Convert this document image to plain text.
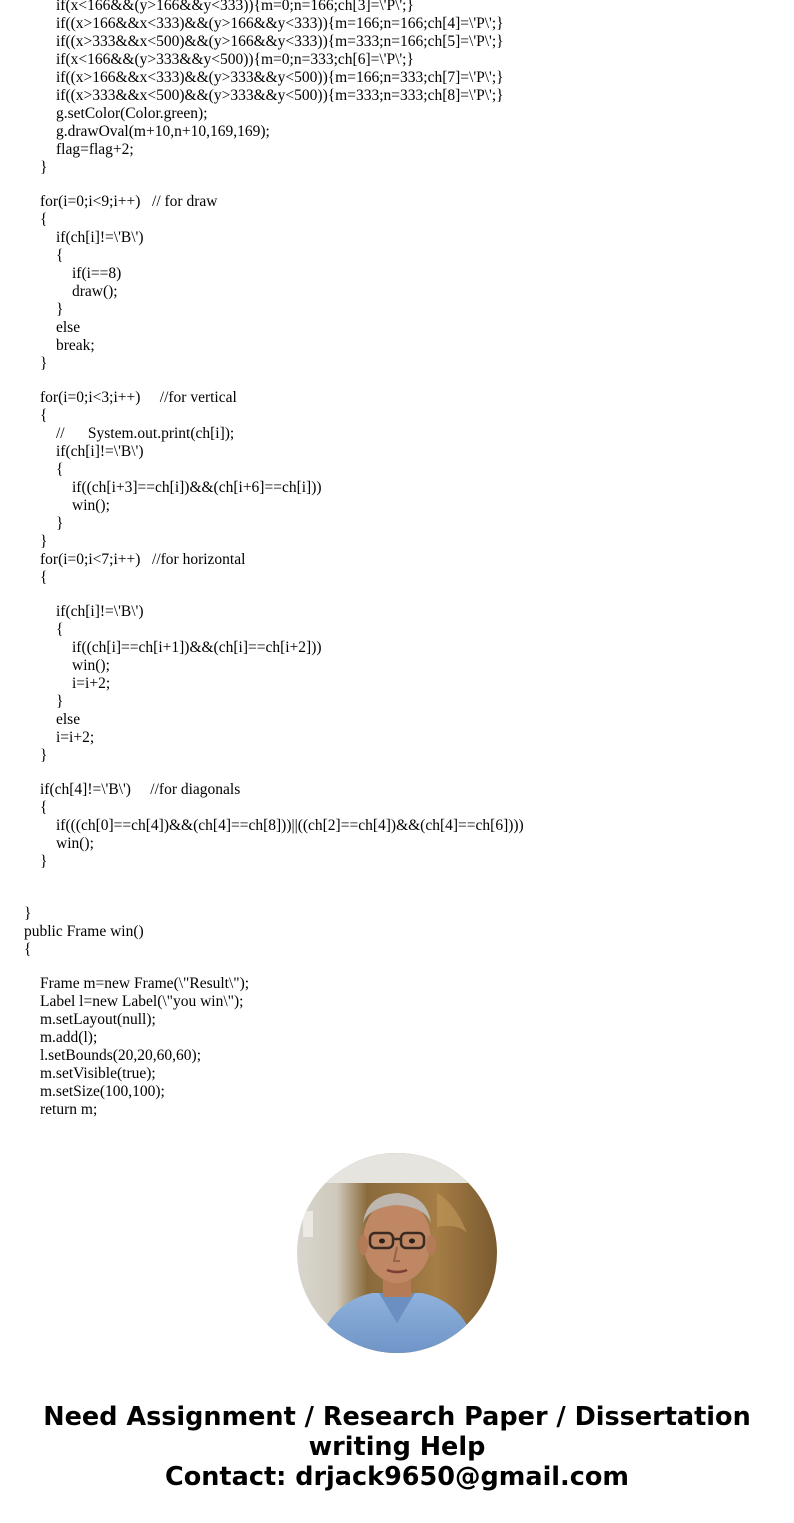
if(x<166&&(y>166&&y<333)){m=0;n=166;ch[3]=\'P\';}
if((x>166&&x<333)&&(y>166&&y<333)){m=166;n=166;ch[4]=\'P\';}
if((x>333&&x<500)&&(y>166&&y<333)){m=333;n=166;ch[5]=\'P\';}
if(x<166&&(y>333&&y<500)){m=0;n=333;ch[6]=\'P\';}
if((x>166&&x<333)&&(y>333&&y<500)){m=166;n=333;ch[7]=\'P\';}
if((x>333&&x<500)&&(y>333&&y<500)){m=333;n=333;ch[8]=\'P\';}
g.setColor(Color.green);
g.drawOval(m+10,n+10,169,169);
flag=flag+2;
}
for(i=0;i<9;i++)   // for draw
{
if(ch[i]!=\'B\')
{
if(i==8)
draw();
}
else
break;
}
for(i=0;i<3;i++)     //for vertical
{
//      System.out.print(ch[i]);
if(ch[i]!=\'B\')
{
if((ch[i+3]==ch[i])&&(ch[i+6]==ch[i]))
win();
}
}
for(i=0;i<7;i++)   //for horizontal
{
if(ch[i]!=\'B\')
{
if((ch[i]==ch[i+1])&&(ch[i]==ch[i+2]))
win();
i=i+2;
}
else
i=i+2;
}
if(ch[4]!=\'B\')     //for diagonals
{
if(((ch[0]==ch[4])&&(ch[4]==ch[8]))||((ch[2]==ch[4])&&(ch[4]==ch[6])))
win();
}
}
public Frame win()
{
Frame m=new Frame(\"Result\");
Label l=new Label(\"you win\");
m.setLayout(null);
m.add(l);
l.setBounds(20,20,60,60);
m.setVisible(true);
m.setSize(100,100);
return m;
Need Assignment / Research Paper / Dissertation
writing Help
Contact: drjack9650@gmail.com
